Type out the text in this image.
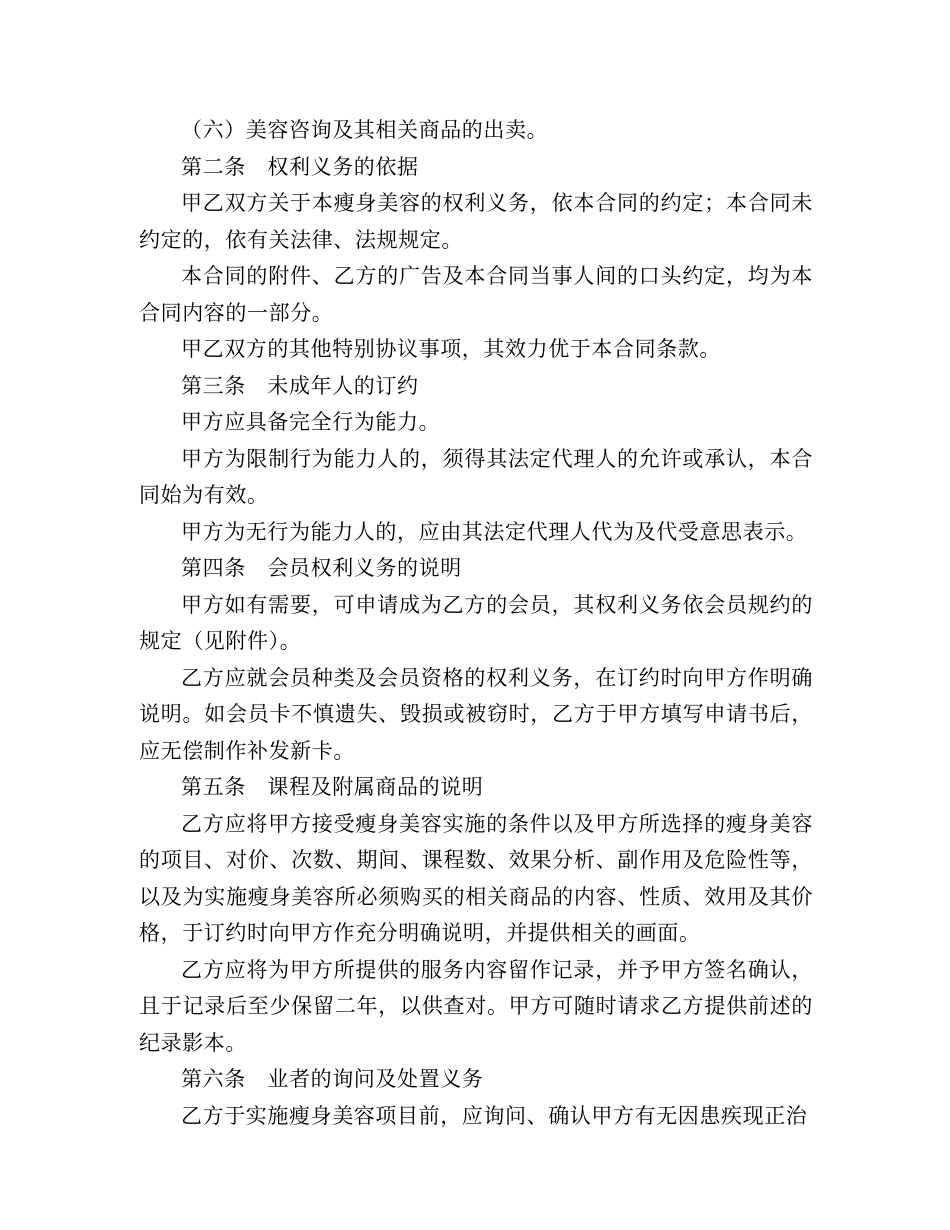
（六）美容咨询及其相关商品的出卖。

第二条　权利义务的依据

甲乙双方关于本瘦身美容的权利义务，依本合同的约定；本合同未约定的，依有关法律、法规规定。

本合同的附件、乙方的广告及本合同当事人间的口头约定，均为本合同内容的一部分。

甲乙双方的其他特别协议事项，其效力优于本合同条款。

第三条　未成年人的订约

甲方应具备完全行为能力。

甲方为限制行为能力人的，须得其法定代理人的允许或承认，本合同始为有效。

甲方为无行为能力人的，应由其法定代理人代为及代受意思表示。

第四条　会员权利义务的说明

甲方如有需要，可申请成为乙方的会员，其权利义务依会员规约的规定（见附件）。

乙方应就会员种类及会员资格的权利义务，在订约时向甲方作明确说明。如会员卡不慎遗失、毁损或被窃时，乙方于甲方填写申请书后，应无偿制作补发新卡。

第五条　课程及附属商品的说明

乙方应将甲方接受瘦身美容实施的条件以及甲方所选择的瘦身美容的项目、对价、次数、期间、课程数、效果分析、副作用及危险性等，以及为实施瘦身美容所必须购买的相关商品的内容、性质、效用及其价格，于订约时向甲方作充分明确说明，并提供相关的画面。

乙方应将为甲方所提供的服务内容留作记录，并予甲方签名确认，且于记录后至少保留二年，以供查对。甲方可随时请求乙方提供前述的纪录影本。

第六条　业者的询问及处置义务

乙方于实施瘦身美容项目前，应询问、确认甲方有无因患疾现正治
